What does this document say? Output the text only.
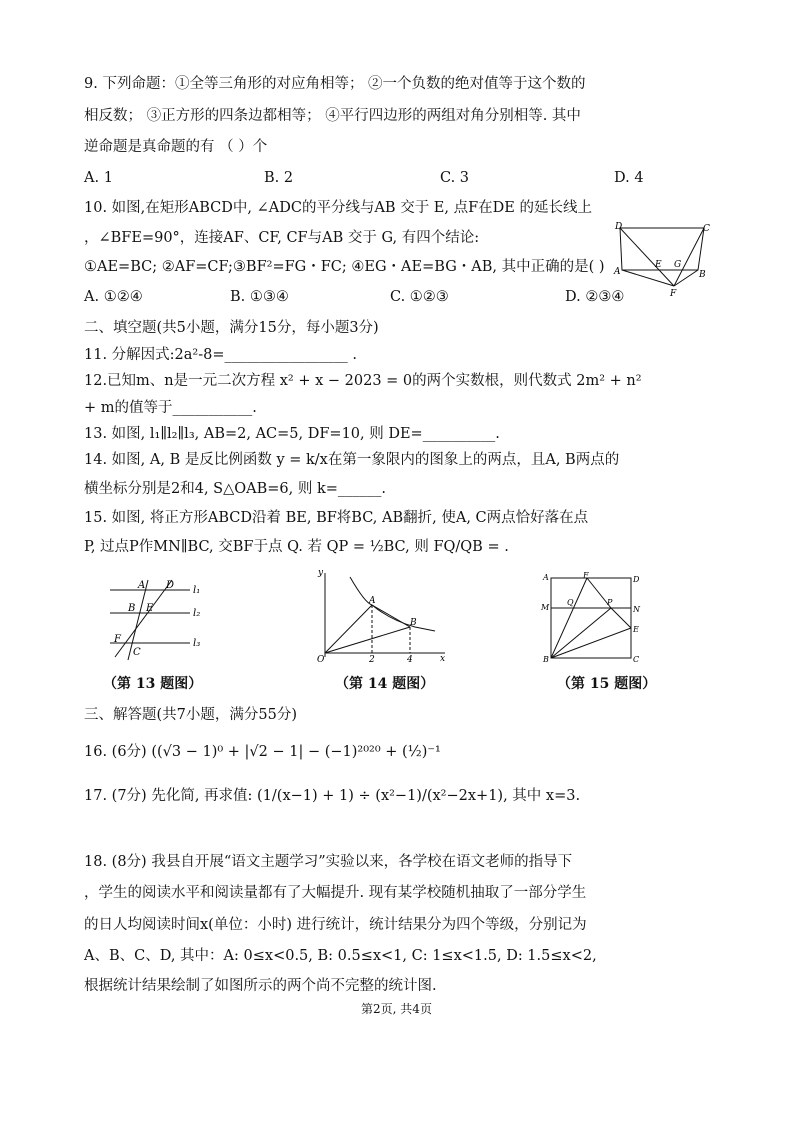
9. 下列命题：①全等三角形的对应角相等； ②一个负数的绝对值等于这个数的
相反数； ③正方形的四条边都相等； ④平行四边形的两组对角分别相等. 其中
逆命题是真命题的有 （ ）个
A. 1	B. 2	C. 3	D. 4
10. 如图,在矩形ABCD中, ∠ADC的平分线与AB 交于 E, 点F在DE 的延长线上
，∠BFE=90°，连接AF、CF, CF与AB 交于 G, 有四个结论:
①AE=BC; ②AF=CF;③BF²=FG・FC; ④EG・AE=BG・AB, 其中正确的是( )
A. ①②④	B. ①③④	C. ①②③	D. ②③④
D	C
A
E G
B
F
二、填空题(共5小题，满分15分，每小题3分)
11. 分解因式:2a²-8=_________________ .
12.已知m、n是一元二次方程 x² + x − 2023 = 0的两个实数根，则代数式 2m² + n²
+ m的值等于___________.
13. 如图, l₁∥l₂∥l₃, AB=2, AC=5, DF=10, 则 DE=__________.
14. 如图, A, B 是反比例函数 y = k/x在第一象限内的图象上的两点，且A, B两点的
横坐标分别是2和4, S△OAB=6, 则 k=______.
15. 如图, 将正方形ABCD沿着 BE, BF将BC, AB翻折, 使A, C两点恰好落在点
P, 过点P作MN∥BC, 交BF于点 Q. 若 QP = ½BC, 则 FQ/QB = .
A D
B E
F
C
l₁
l₂
l₃
y
x
O
A
B
2	4
A	F	D
M
Q	P
N
E
B	C
（第 13 题图）	（第 14 题图）	（第 15 题图）
三、解答题(共7小题，满分55分)
16. (6分) ((√3 − 1)⁰ + |√2 − 1| − (−1)²⁰²⁰ + (½)⁻¹
17. (7分) 先化简, 再求值: (1/(x−1) + 1) ÷ (x²−1)/(x²−2x+1), 其中 x=3.
18. (8分) 我县自开展“语文主题学习”实验以来，各学校在语文老师的指导下
，学生的阅读水平和阅读量都有了大幅提升. 现有某学校随机抽取了一部分学生
的日人均阅读时间x(单位：小时) 进行统计，统计结果分为四个等级，分别记为
A、B、C、D, 其中：A: 0≤x<0.5, B: 0.5≤x<1, C: 1≤x<1.5, D: 1.5≤x<2,
根据统计结果绘制了如图所示的两个尚不完整的统计图.
第2页, 共4页
